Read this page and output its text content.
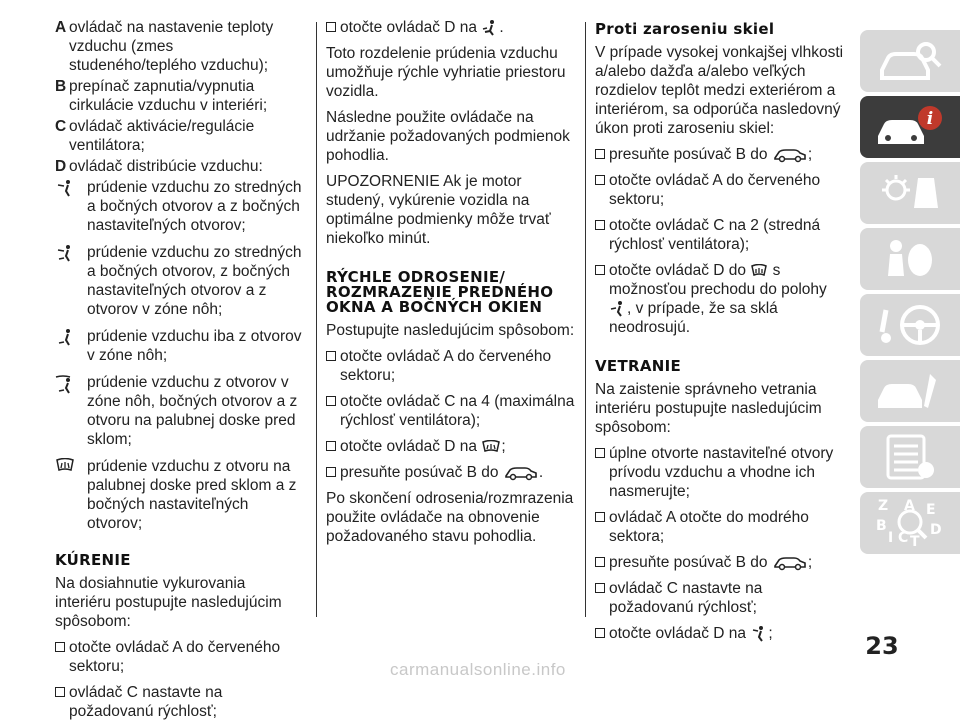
A ovládač na nastavenie teploty vzduchu (zmes studeného/teplého vzduchu);

B prepínač zapnutia/vypnutia cirkulácie vzduchu v interiéri;

C ovládač aktivácie/regulácie ventilátora;

D ovládač distribúcie vzduchu:

prúdenie vzduchu zo stredných a bočných otvorov a z bočných nastaviteľných otvorov;
prúdenie vzduchu zo stredných a bočných otvorov, z bočných nastaviteľných otvorov a z otvorov v zóne nôh;
prúdenie vzduchu iba z otvorov v zóne nôh;
prúdenie vzduchu z otvorov v zóne nôh, bočných otvorov a z otvoru na palubnej doske pred sklom;
prúdenie vzduchu z otvoru na palubnej doske pred sklom a z bočných nastaviteľných otvorov;
KÚRENIE

Na dosiahnutie vykurovania interiéru postupujte nasledujúcim spôsobom:

otočte ovládač A do červeného sektoru;

ovládač C nastavte na požadovanú rýchlosť;

otočte ovládač D na .

Toto rozdelenie prúdenia vzduchu umožňuje rýchle vyhriatie priestoru vozidla.

Následne použite ovládače na udržanie požadovaných podmienok pohodlia.

UPOZORNENIE Ak je motor studený, vykúrenie vozidla na optimálne podmienky môže trvať niekoľko minút.

RÝCHLE ODROSENIE/ ROZMRAZENIE PREDNÉHO OKNA A BOČNÝCH OKIEN

Postupujte nasledujúcim spôsobom:

otočte ovládač A do červeného sektoru;

otočte ovládač C na 4 (maximálna rýchlosť ventilátora);

otočte ovládač D na ;

presuňte posúvač B do	.

Po skončení odrosenia/rozmrazenia použite ovládače na obnovenie požadovaného stavu pohodlia.

Proti zaroseniu skiel

V prípade vysokej vonkajšej vlhkosti a/alebo dažďa a/alebo veľkých rozdielov teplôt medzi exteriérom a interiérom, sa odporúča nasledovný úkon proti zaroseniu skiel:

presuňte posúvač B do	;

otočte ovládač A do červeného sektoru;

otočte ovládač C na 2 (stredná rýchlosť ventilátora);

otočte ovládač D do s možnosťou prechodu do polohy , v prípade, že sa sklá neodrosujú.

VETRANIE

Na zaistenie správneho vetrania interiéru postupujte nasledujúcim spôsobom:

úplne otvorte nastaviteľné otvory prívodu vzduchu a vhodne ich nasmerujte;

ovládač A otočte do modrého sektora;

presuňte posúvač B do	;

ovládač C nastavte na požadovanú rýchlosť;

otočte ovládač D na ;

i
Z A E
B	D
I C T
23
carmanualsonline.info
